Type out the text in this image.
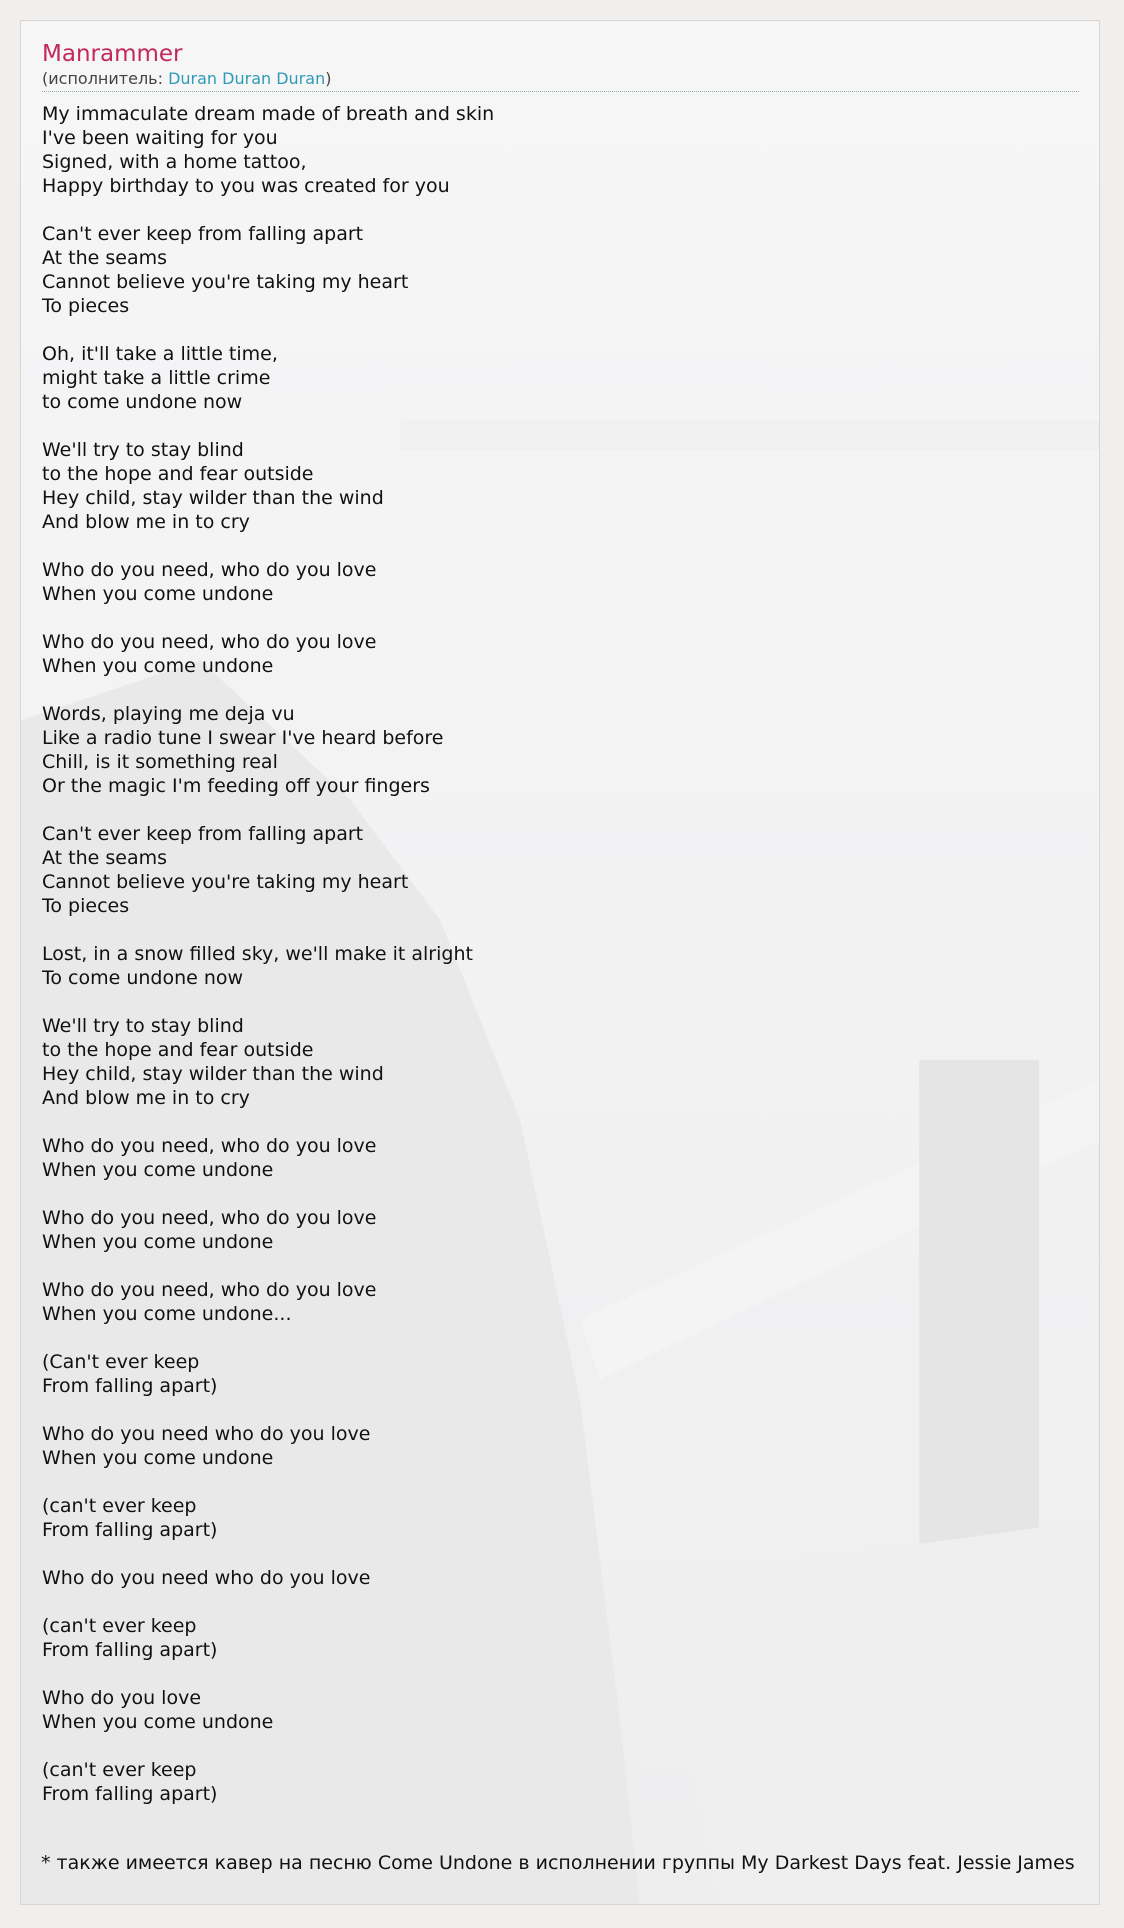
Manrammer
(исполнитель: Duran Duran Duran)
My immaculate dream made of breath and skin
I've been waiting for you
Signed, with a home tattoo,
Happy birthday to you was created for you
Can't ever keep from falling apart
At the seams
Cannot believe you're taking my heart
To pieces
Oh, it'll take a little time,
might take a little crime
to come undone now
We'll try to stay blind
to the hope and fear outside
Hey child, stay wilder than the wind
And blow me in to cry
Who do you need, who do you love
When you come undone
Who do you need, who do you love
When you come undone
Words, playing me deja vu
Like a radio tune I swear I've heard before
Chill, is it something real
Or the magic I'm feeding off your fingers
Can't ever keep from falling apart
At the seams
Cannot believe you're taking my heart
To pieces
Lost, in a snow filled sky, we'll make it alright
To come undone now
We'll try to stay blind
to the hope and fear outside
Hey child, stay wilder than the wind
And blow me in to cry
Who do you need, who do you love
When you come undone
Who do you need, who do you love
When you come undone
Who do you need, who do you love
When you come undone...
(Can't ever keep
From falling apart)
Who do you need who do you love
When you come undone
(can't ever keep
From falling apart)
Who do you need who do you love
(can't ever keep
From falling apart)
Who do you love
When you come undone
(can't ever keep
From falling apart)
* также имеется кавер на песню Come Undone в исполнении группы My Darkest Days feat. Jessie James
